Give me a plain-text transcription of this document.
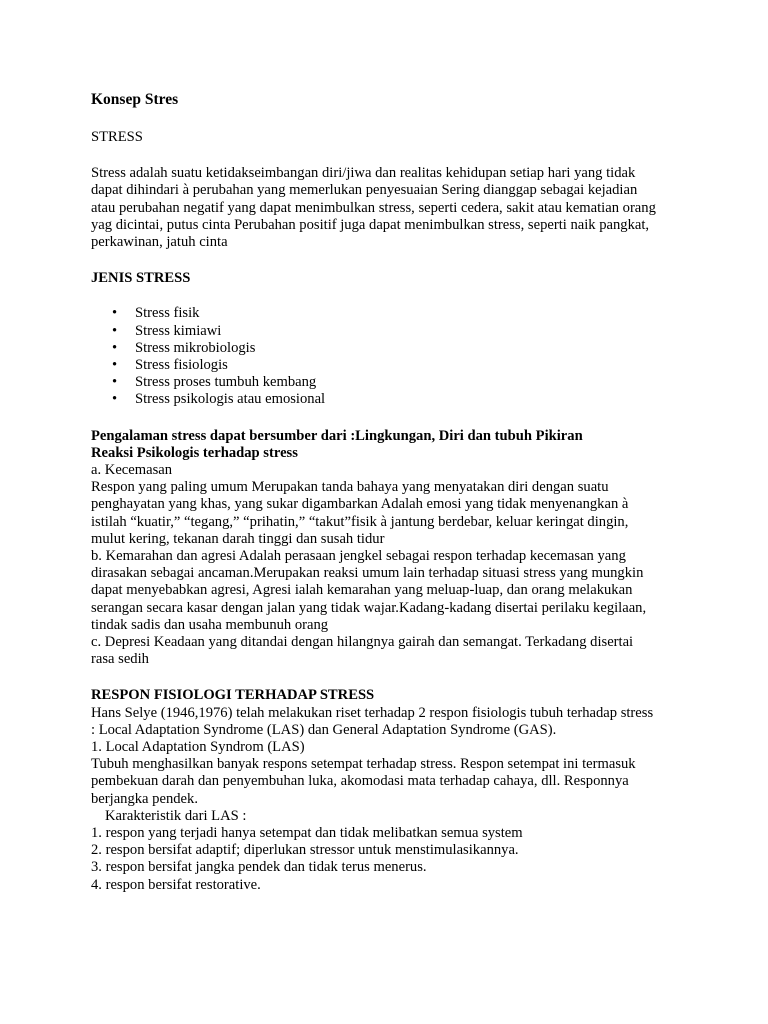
Konsep Stres

STRESS

Stress adalah suatu ketidakseimbangan diri/jiwa dan realitas kehidupan setiap hari yang tidak
dapat dihindari à perubahan yang memerlukan penyesuaian Sering dianggap sebagai kejadian
atau perubahan negatif yang dapat menimbulkan stress, seperti cedera, sakit atau kematian orang
yag dicintai, putus cinta Perubahan positif juga dapat menimbulkan stress, seperti naik pangkat,
perkawinan, jatuh cinta

JENIS STRESS

• Stress fisik
• Stress kimiawi
• Stress mikrobiologis
• Stress fisiologis
• Stress proses tumbuh kembang
• Stress psikologis atau emosional

Pengalaman stress dapat bersumber dari :Lingkungan, Diri dan tubuh Pikiran

Reaksi Psikologis terhadap stress

a. Kecemasan
Respon yang paling umum Merupakan tanda bahaya yang menyatakan diri dengan suatu
penghayatan yang khas, yang sukar digambarkan Adalah emosi yang tidak menyenangkan à
istilah “kuatir,” “tegang,” “prihatin,” “takut”fisik à jantung berdebar, keluar keringat dingin,
mulut kering, tekanan darah tinggi dan susah tidur
b. Kemarahan dan agresi Adalah perasaan jengkel sebagai respon terhadap kecemasan yang
dirasakan sebagai ancaman.Merupakan reaksi umum lain terhadap situasi stress yang mungkin
dapat menyebabkan agresi, Agresi ialah kemarahan yang meluap-luap, dan orang melakukan
serangan secara kasar dengan jalan yang tidak wajar.Kadang-kadang disertai perilaku kegilaan,
tindak sadis dan usaha membunuh orang
c. Depresi Keadaan yang ditandai dengan hilangnya gairah dan semangat. Terkadang disertai
rasa sedih

RESPON FISIOLOGI TERHADAP STRESS

Hans Selye (1946,1976) telah melakukan riset terhadap 2 respon fisiologis tubuh terhadap stress
: Local Adaptation Syndrome (LAS) dan General Adaptation Syndrome (GAS).
1. Local Adaptation Syndrom (LAS)
Tubuh menghasilkan banyak respons setempat terhadap stress. Respon setempat ini termasuk
pembekuan darah dan penyembuhan luka, akomodasi mata terhadap cahaya, dll. Responnya
berjangka pendek.
Karakteristik dari LAS :
1. respon yang terjadi hanya setempat dan tidak melibatkan semua system
2. respon bersifat adaptif; diperlukan stressor untuk menstimulasikannya.
3. respon bersifat jangka pendek dan tidak terus menerus.
4. respon bersifat restorative.
